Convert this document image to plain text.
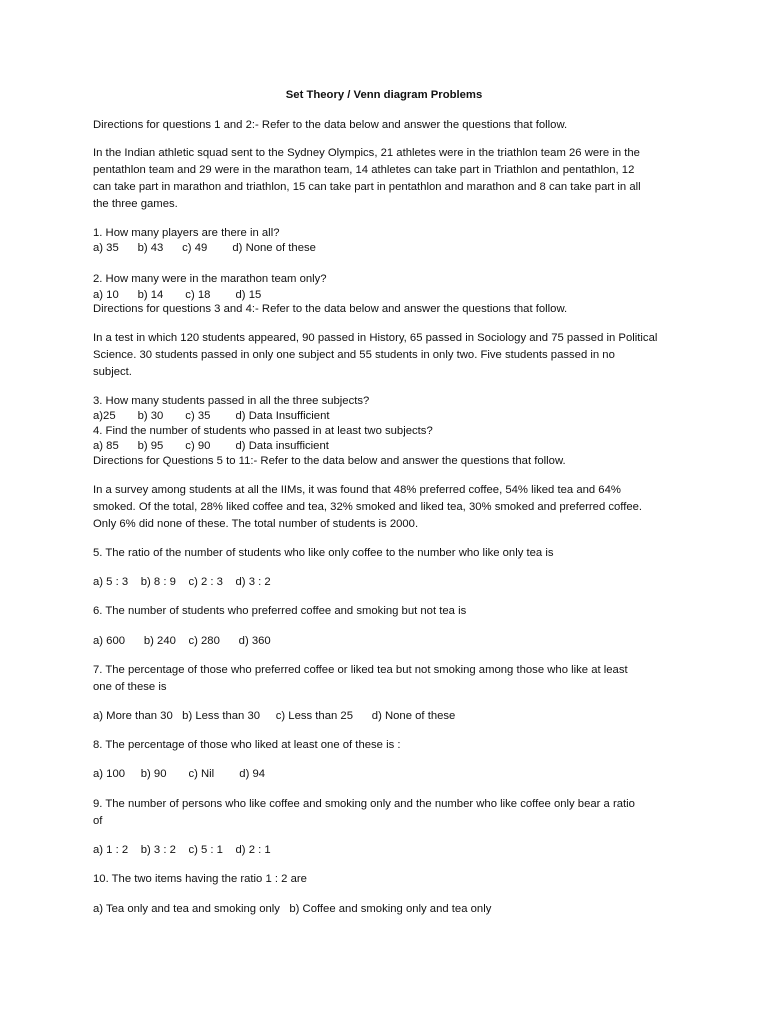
Set Theory / Venn diagram Problems
Directions for questions 1 and 2:- Refer to the data below and answer the questions that follow.
In the Indian athletic squad sent to the Sydney Olympics, 21 athletes were in the triathlon team 26 were in the
pentathlon team and 29 were in the marathon team, 14 athletes can take part in Triathlon and pentathlon, 12
can take part in marathon and triathlon, 15 can take part in pentathlon and marathon and 8 can take part in all
the three games.
1. How many players are there in all?
a) 35      b) 43      c) 49        d) None of these
2. How many were in the marathon team only?
a) 10      b) 14       c) 18        d) 15
Directions for questions 3 and 4:- Refer to the data below and answer the questions that follow.
In a test in which 120 students appeared, 90 passed in History, 65 passed in Sociology and 75 passed in Political
Science. 30 students passed in only one subject and 55 students in only two. Five students passed in no
subject.
3. How many students passed in all the three subjects?
a)25       b) 30       c) 35        d) Data Insufficient
4. Find the number of students who passed in at least two subjects?
a) 85      b) 95       c) 90        d) Data insufficient
Directions for Questions 5 to 11:- Refer to the data below and answer the questions that follow.
In a survey among students at all the IIMs, it was found that 48% preferred coffee, 54% liked tea and 64%
smoked. Of the total, 28% liked coffee and tea, 32% smoked and liked tea, 30% smoked and preferred coffee.
Only 6% did none of these. The total number of students is 2000.
5. The ratio of the number of students who like only coffee to the number who like only tea is
a) 5 : 3    b) 8 : 9    c) 2 : 3    d) 3 : 2
6. The number of students who preferred coffee and smoking but not tea is
a) 600      b) 240    c) 280      d) 360
7. The percentage of those who preferred coffee or liked tea but not smoking among those who like at least
one of these is
a) More than 30   b) Less than 30     c) Less than 25      d) None of these
8. The percentage of those who liked at least one of these is :
a) 100     b) 90       c) Nil        d) 94
9. The number of persons who like coffee and smoking only and the number who like coffee only bear a ratio
of
a) 1 : 2    b) 3 : 2    c) 5 : 1    d) 2 : 1
10. The two items having the ratio 1 : 2 are
a) Tea only and tea and smoking only   b) Coffee and smoking only and tea only
